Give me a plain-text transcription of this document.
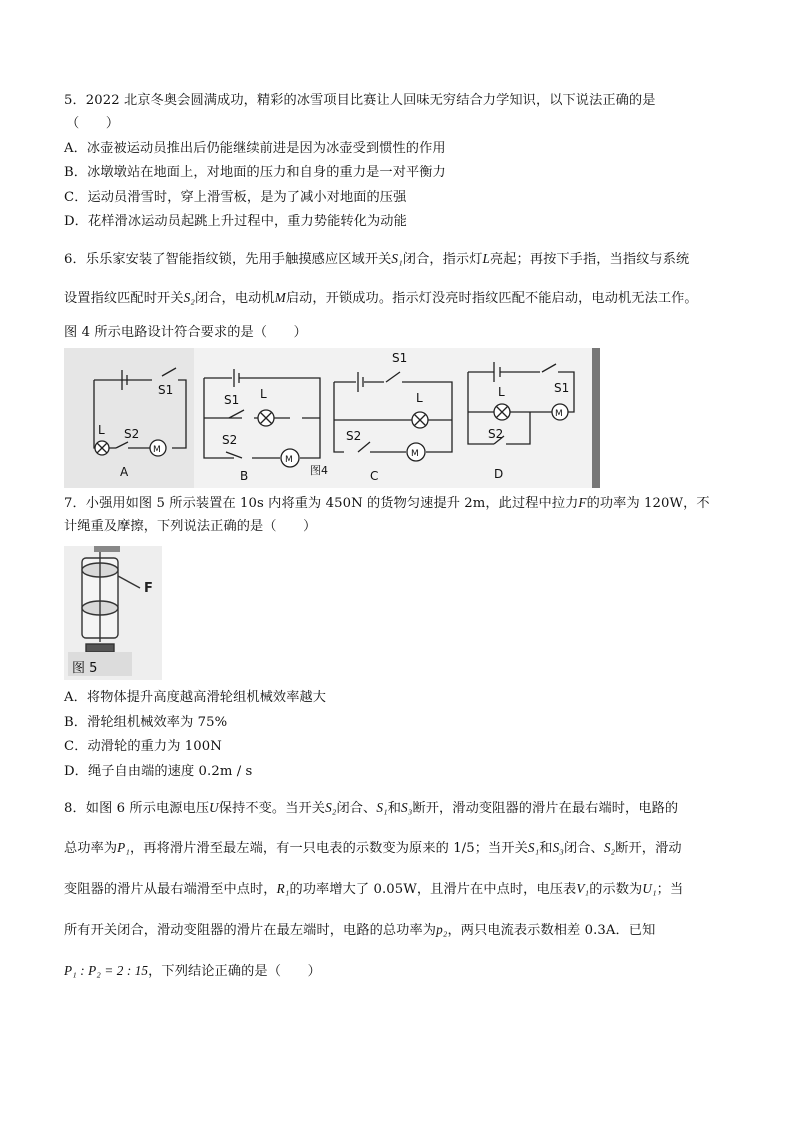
5．2022 北京冬奥会圆满成功，精彩的冰雪项目比赛让人回味无穷结合力学知识，以下说法正确的是
（　　）
A．冰壶被运动员推出后仍能继续前进是因为冰壶受到惯性的作用
B．冰墩墩站在地面上，对地面的压力和自身的重力是一对平衡力
C．运动员滑雪时，穿上滑雪板，是为了减小对地面的压强
D．花样滑冰运动员起跳上升过程中，重力势能转化为动能
6．乐乐家安装了智能指纹锁，先用手触摸感应区域开关S₁闭合，指示灯L亮起；再按下手指，当指纹与系统
设置指纹匹配时开关S₂闭合，电动机M启动，开锁成功。指示灯没亮时指纹匹配不能启动，电动机无法工作。
图 4 所示电路设计符合要求的是（　　）
S1
L S2
M
A
S1 L
S2
M
B
S1
L
S2
M
图4	C
S1
L
S2
M
D
7．小强用如图 5 所示装置在 10s 内将重为 450N 的货物匀速提升 2m，此过程中拉力F的功率为 120W，不
计绳重及摩擦，下列说法正确的是（　　）
F
图 5
A．将物体提升高度越高滑轮组机械效率越大
B．滑轮组机械效率为 75%
C．动滑轮的重力为 100N
D．绳子自由端的速度 0.2m / s
8．如图 6 所示电源电压U保持不变。当开关S₂闭合、S₁和S₃断开，滑动变阻器的滑片在最右端时，电路的
总功率为P₁，再将滑片滑至最左端，有一只电表的示数变为原来的 1/5；当开关S₁和S₃闭合、S₂断开，滑动
变阻器的滑片从最右端滑至中点时，R₁的功率增大了 0.05W，且滑片在中点时，电压表V₁的示数为U₁；当
所有开关闭合，滑动变阻器的滑片在最左端时，电路的总功率为p₂，两只电流表示数相差 0.3A．已知
P₁ : P₂ = 2 : 15，下列结论正确的是（　　）
